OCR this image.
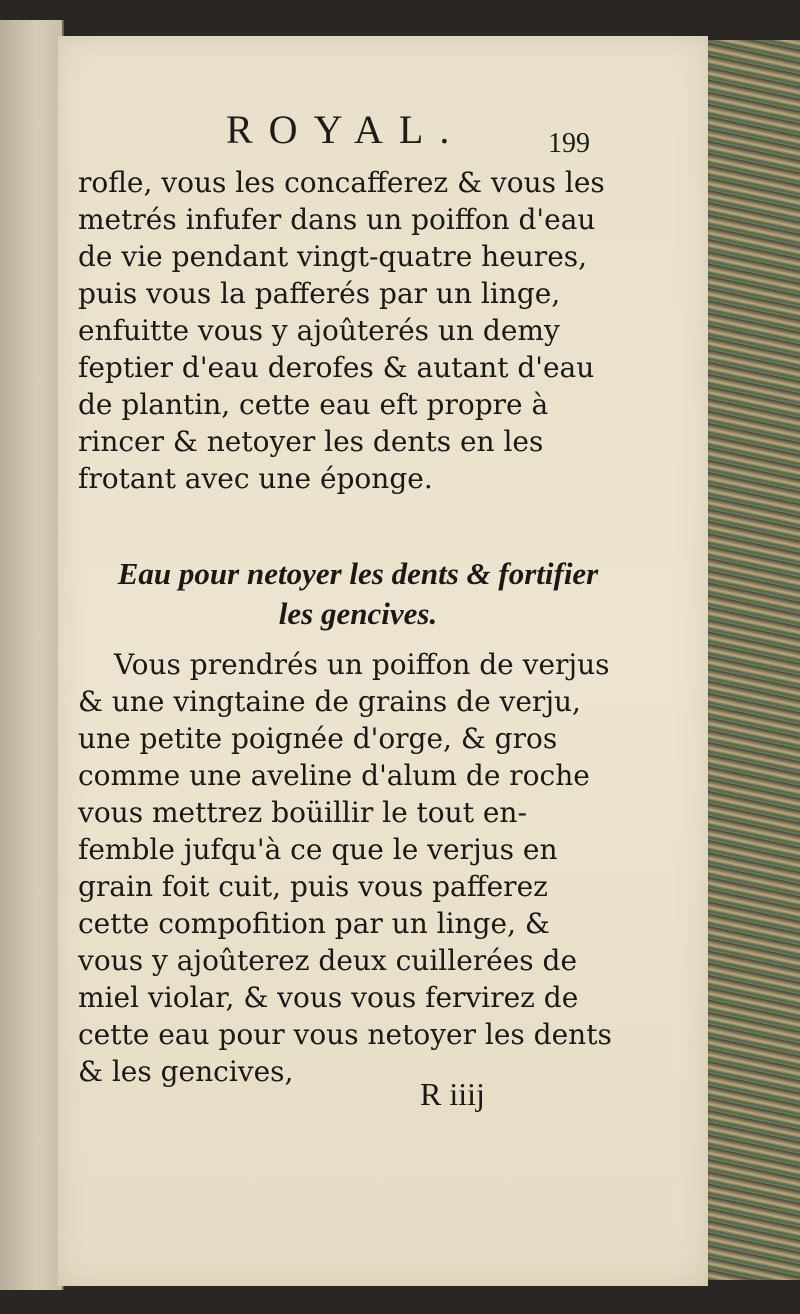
ROYAL.	199
rofle, vous les concafferez & vous les
metrés infufer dans un poiffon d'eau
de vie pendant vingt-quatre heures,
puis vous la pafferés par un linge,
enfuitte vous y ajoûterés un demy
feptier d'eau derofes & autant d'eau
de plantin, cette eau eft propre à
rincer & netoyer les dents en les
frotant avec une éponge.
Eau pour netoyer les dents & fortifier
les gencives.
Vous prendrés un poiffon de verjus
& une vingtaine de grains de verju,
une petite poignée d'orge, & gros
comme une aveline d'alum de roche
vous mettrez boüillir le tout en-
femble jufqu'à ce que le verjus en
grain foit cuit, puis vous pafferez
cette compofition par un linge, &
vous y ajoûterez deux cuillerées de
miel violar, & vous vous fervirez de
cette eau pour vous netoyer les dents
& les gencives,
R iiij
